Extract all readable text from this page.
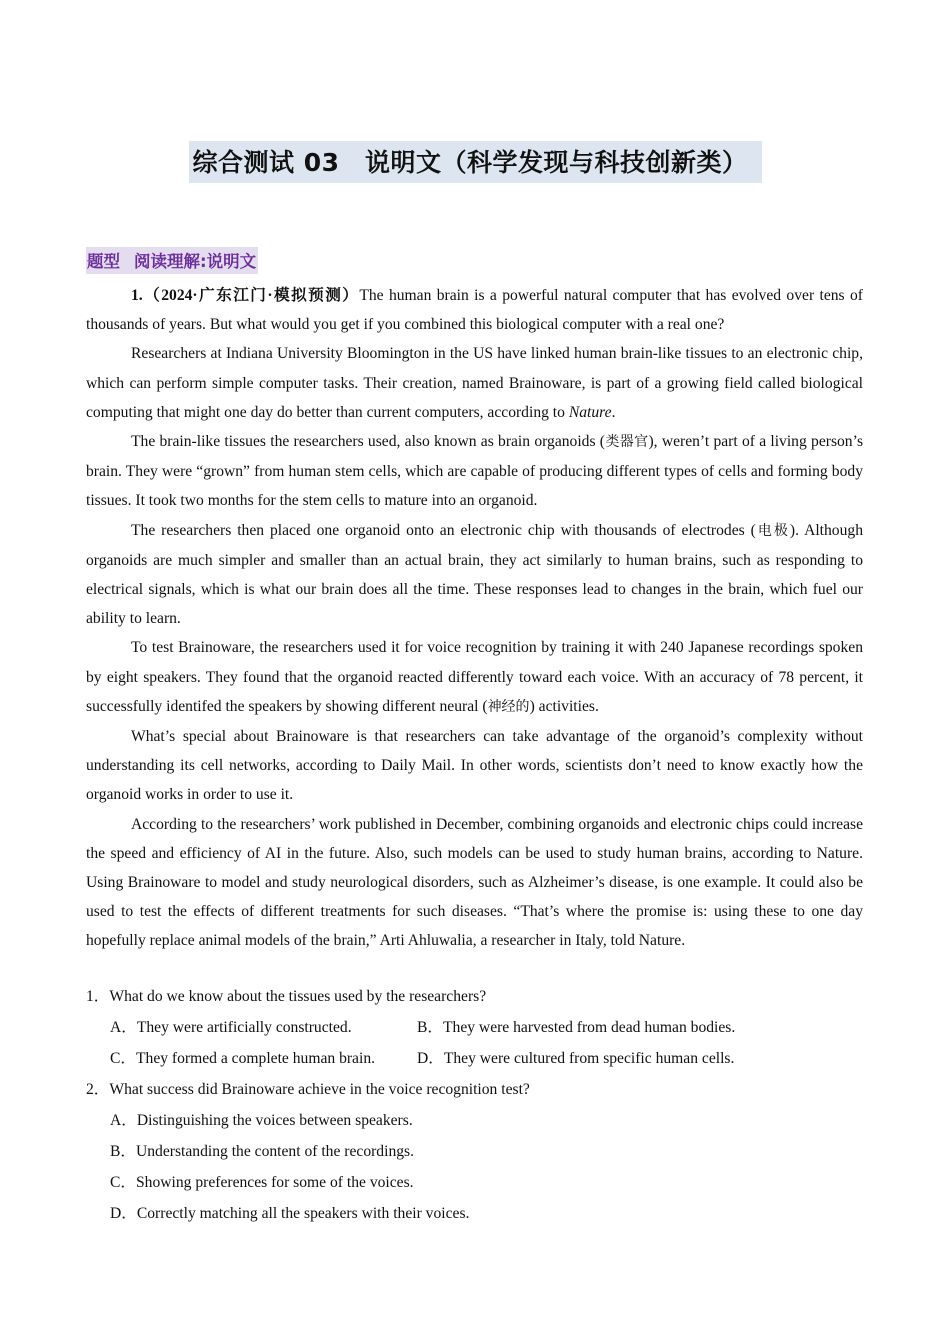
综合测试 03　说明文（科学发现与科技创新类）
题型 阅读理解:说明文

1.（2024·广东江门·模拟预测）The human brain is a powerful natural computer that has evolved over tens of thousands of years. But what would you get if you combined this biological computer with a real one?

Researchers at Indiana University Bloomington in the US have linked human brain-like tissues to an electronic chip, which can perform simple computer tasks. Their creation, named Brainoware, is part of a growing field called biological computing that might one day do better than current computers, according to Nature.

The brain-like tissues the researchers used, also known as brain organoids (类器官), weren’t part of a living person’s brain. They were “grown” from human stem cells, which are capable of producing different types of cells and forming body tissues. It took two months for the stem cells to mature into an organoid.

The researchers then placed one organoid onto an electronic chip with thousands of electrodes (电极). Although organoids are much simpler and smaller than an actual brain, they act similarly to human brains, such as responding to electrical signals, which is what our brain does all the time. These responses lead to changes in the brain, which fuel our ability to learn.

To test Brainoware, the researchers used it for voice recognition by training it with 240 Japanese recordings spoken by eight speakers. They found that the organoid reacted differently toward each voice. With an accuracy of 78 percent, it successfully identifed the speakers by showing different neural (神经的) activities.

What’s special about Brainoware is that researchers can take advantage of the organoid’s complexity without understanding its cell networks, according to Daily Mail. In other words, scientists don’t need to know exactly how the organoid works in order to use it.

According to the researchers’ work published in December, combining organoids and electronic chips could increase the speed and efficiency of AI in the future. Also, such models can be used to study human brains, according to Nature. Using Brainoware to model and study neurological disorders, such as Alzheimer’s disease, is one example. It could also be used to test the effects of different treatments for such diseases. “That’s where the promise is: using these to one day hopefully replace animal models of the brain,” Arti Ahluwalia, a researcher in Italy, told Nature.

1．What do we know about the tissues used by the researchers?
A．They were artificially constructed.	B．They were harvested from dead human bodies.
C．They formed a complete human brain.	D．They were cultured from specific human cells.
2．What success did Brainoware achieve in the voice recognition test?
A．Distinguishing the voices between speakers.
B．Understanding the content of the recordings.
C．Showing preferences for some of the voices.
D．Correctly matching all the speakers with their voices.
